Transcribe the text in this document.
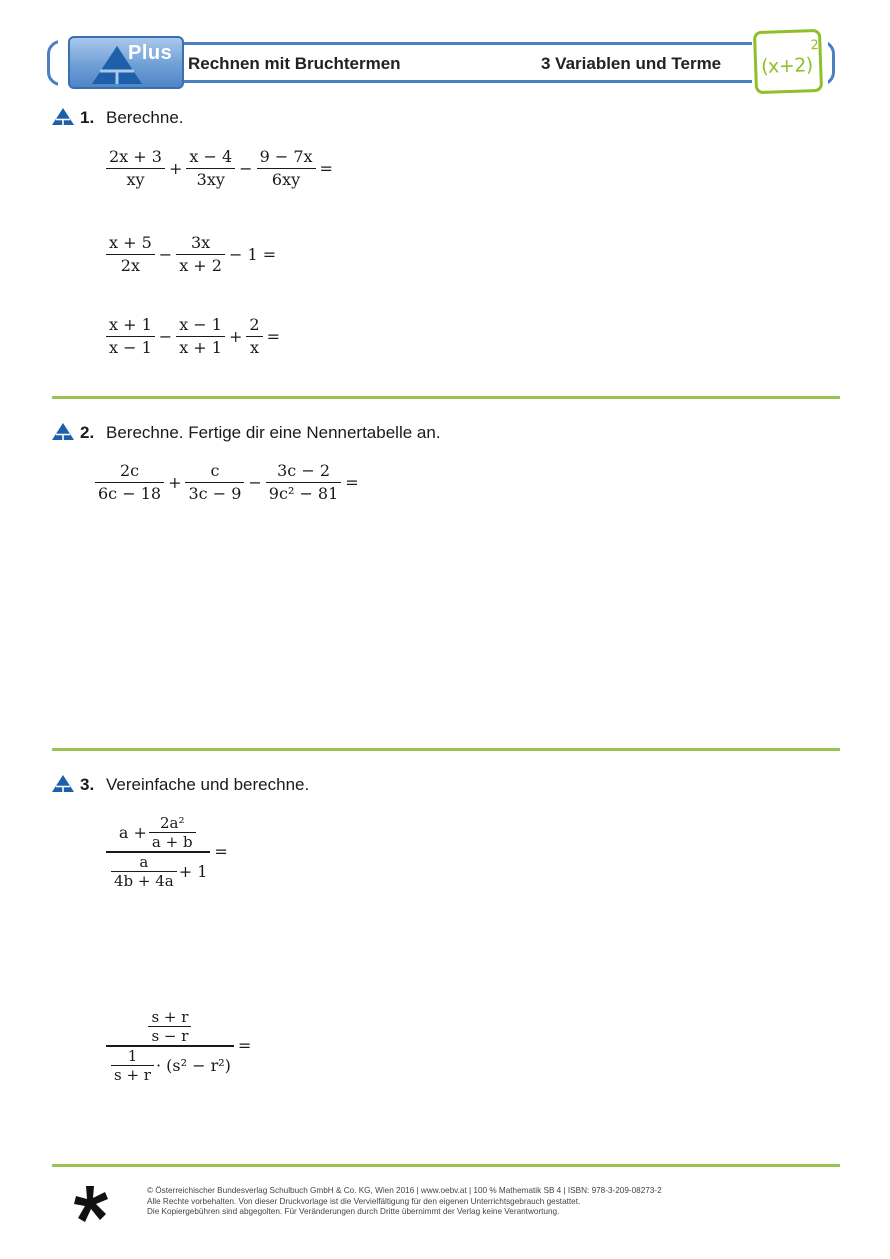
Plus Rechnen mit Bruchtermen	3 Variablen und Terme (x+2)
2
1. Berechne.
$\frac{2x + 3}{xy} + \frac{x - 4}{3xy} - \frac{9 - 7x}{6xy}$ =
$\frac{x + 5}{2x} - \frac{3x}{x + 2} - 1$ =
$\frac{x + 1}{x - 1} - \frac{x - 1}{x + 1} + \frac{2}{x}$ =
2. Berechne. Fertige dir eine Nennertabelle an.
$\frac{2c}{6c - 18} + \frac{c}{3c - 9} - \frac{3c - 2}{\text{9c² − 81}}$ =
3. Vereinfache und berechne.
$\frac{a + \frac{\text{2a²}}{a + b}}{\frac{a}{4b + 4a} + 1}$ =
$\frac{\frac{s + r}{s - r}}{\frac{1}{s + r} \cdot (s^2 - r^2)}$ =
© Österreichischer Bundesverlag Schulbuch GmbH & Co. KG, Wien 2016 | www.oebv.at | 100 % Mathematik SB 4 | ISBN: 978-3-209-08273-2
Alle Rechte vorbehalten. Von dieser Druckvorlage ist die Vervielfältigung für den eigenen Unterrichtsgebrauch gestattet.
Die Kopiergebühren sind abgegolten. Für Veränderungen durch Dritte übernimmt der Verlag keine Verantwortung.
